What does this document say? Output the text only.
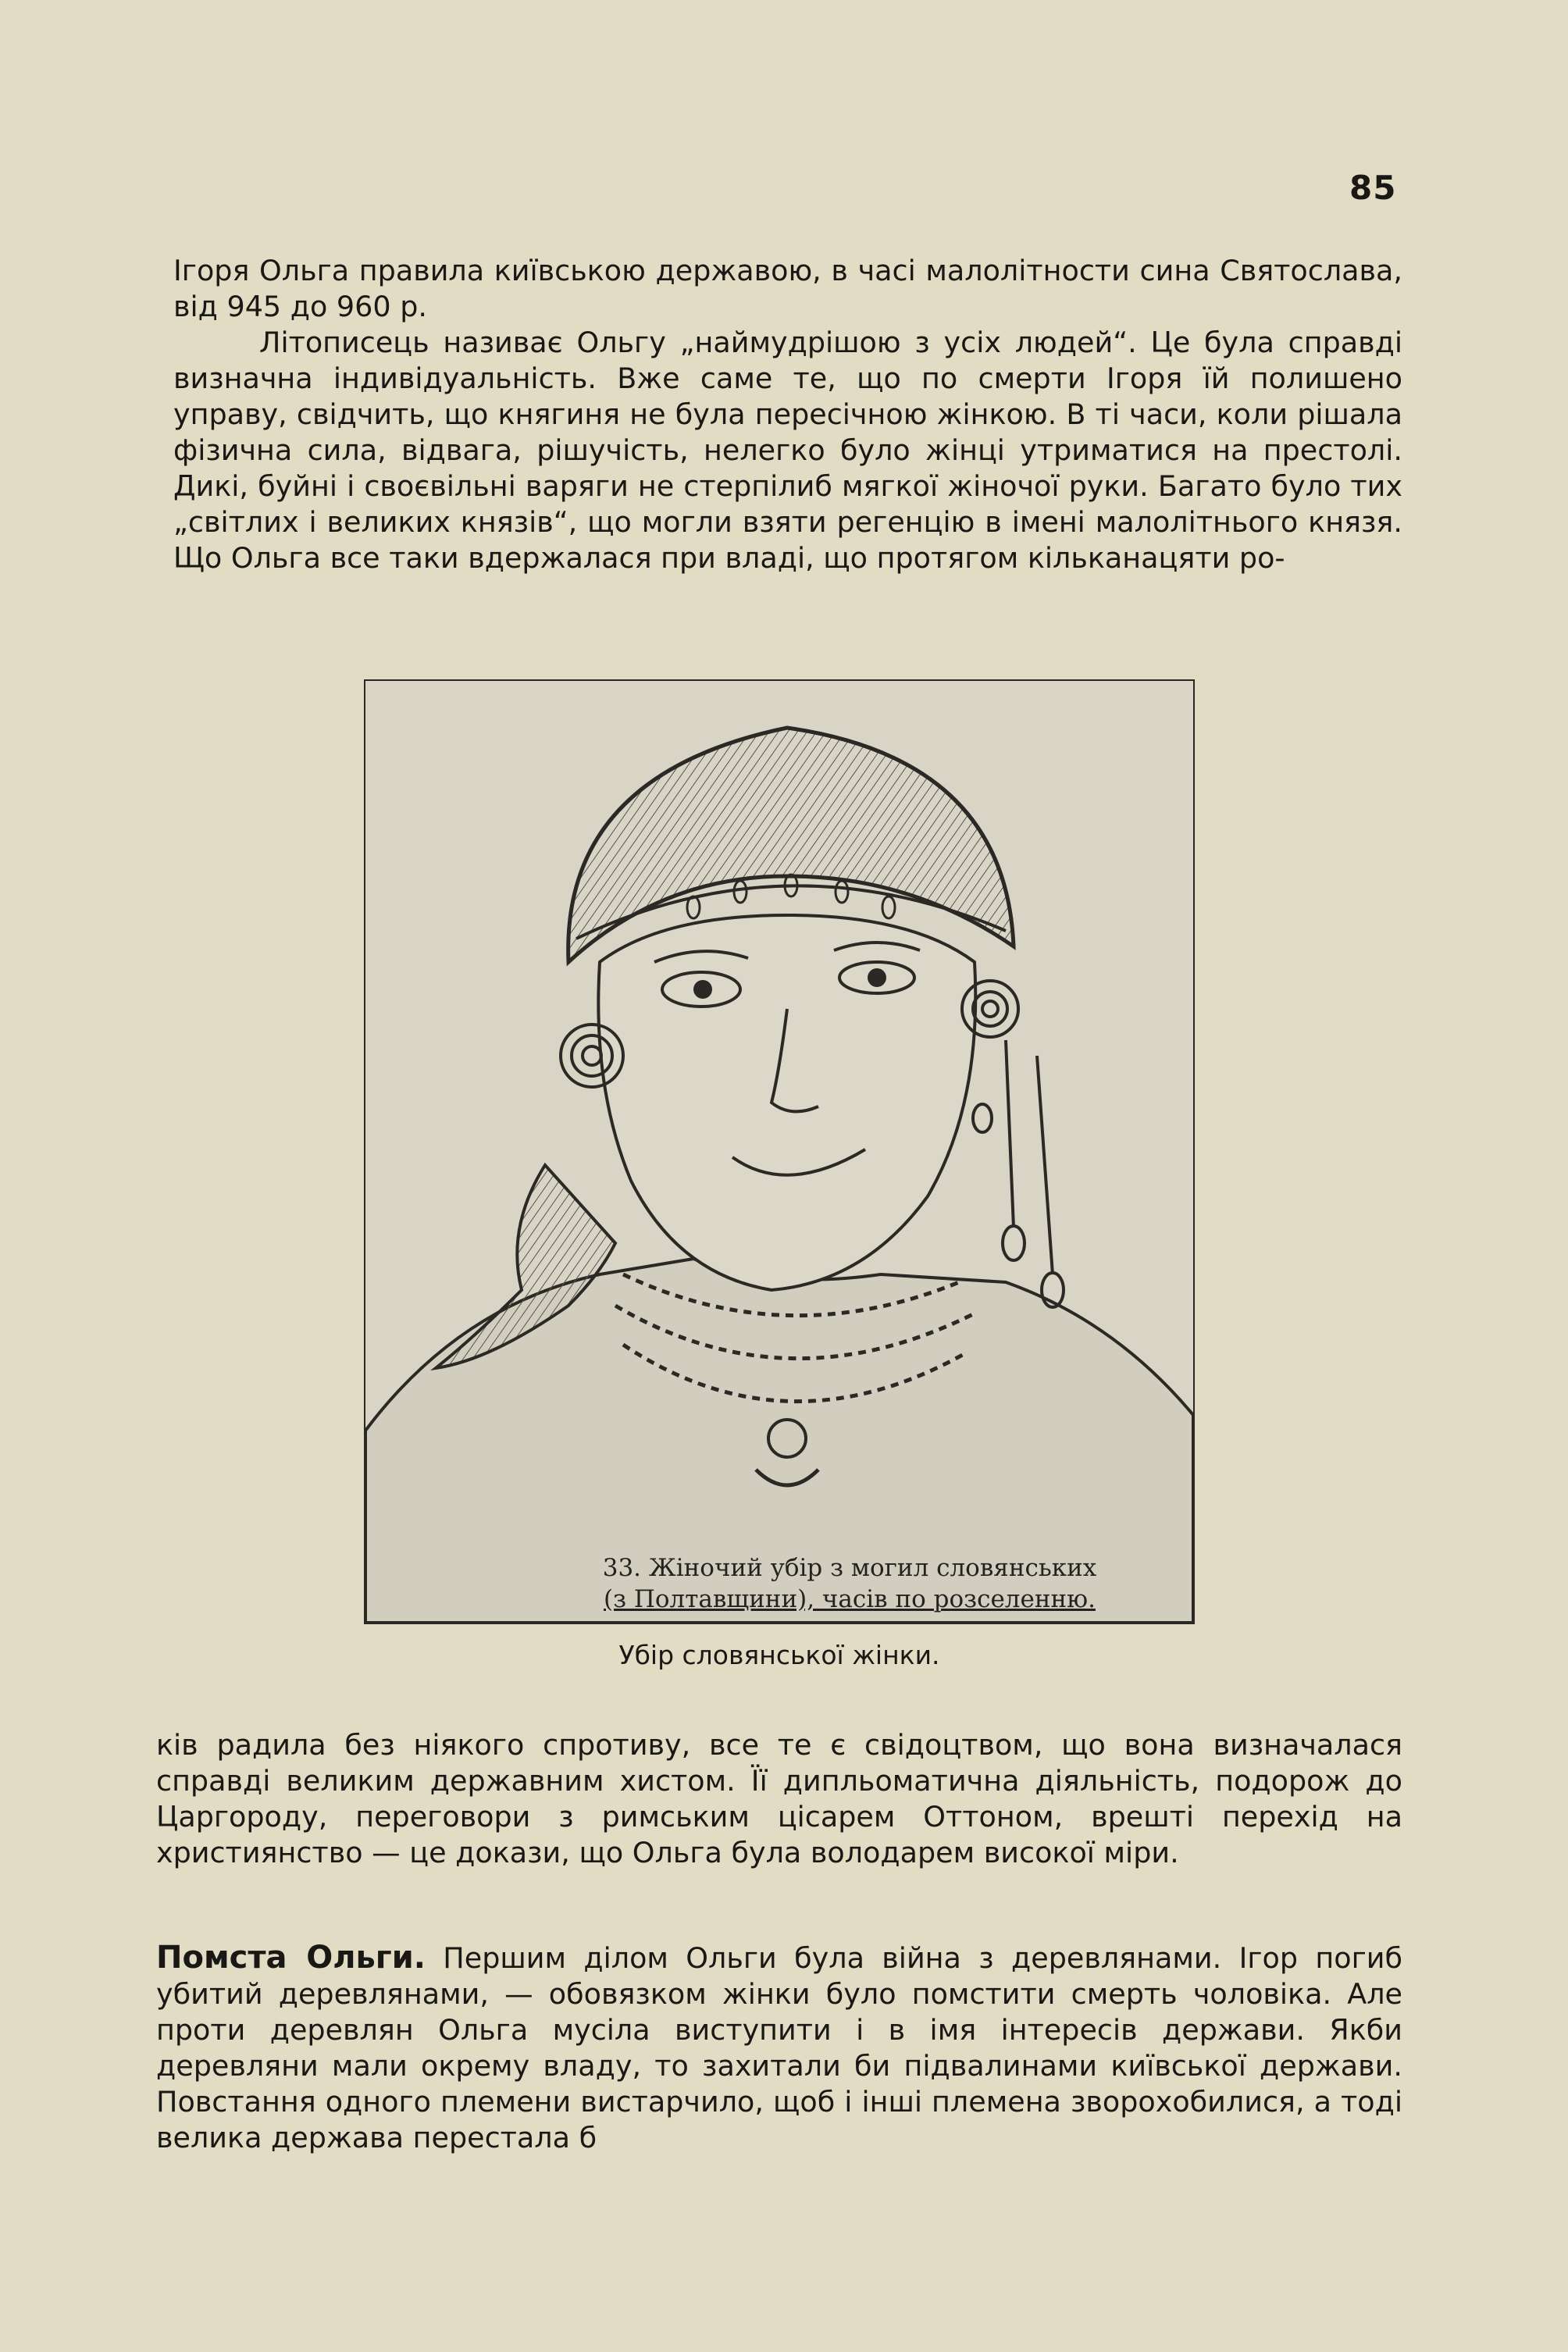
85

Ігоря Ольга правила київською державою, в часі малолітности сина Святослава, від 945 до 960 р.

Літописець називає Ольгу „наймудрішою з усіх людей“. Це була справді визначна індивідуальність. Вже саме те, що по смерти Ігоря їй полишено управу, свідчить, що княгиня не була пересічною жінкою. В ті часи, коли рішала фізична сила, відвага, рішучість, нелегко було жінці утриматися на престолі. Дикі, буйні і своєвільні варяги не стерпілиб мягкої жіночої руки. Багато було тих „світлих і великих князів“, що могли взяти регенцію в імені малолітнього князя. Що Ольга все таки вдержалася при владі, що протягом кільканацяти ро-

33. Жіночий убір з могил словянських
(з Полтавщини), часів по розселенню.
Убір словянської жінки.

ків радила без ніякого спротиву, все те є свідоцтвом, що вона визначалася справді великим державним хистом. Її дипльоматична діяльність, подорож до Царгороду, переговори з римським цісарем Оттоном, врешті перехід на християнство — це докази, що Ольга була володарем високої міри.

Помста Ольги. Першим ділом Ольги була війна з деревлянами. Ігор погиб убитий деревлянами, — обовязком жінки було помстити смерть чоловіка. Але проти деревлян Ольга мусіла виступити і в імя інтересів держави. Якби деревляни мали окрему владу, то захитали би підвалинами київської держави. Повстання одного племени вистарчило, щоб і інші племена зворохобилися, а тоді велика держава перестала б
